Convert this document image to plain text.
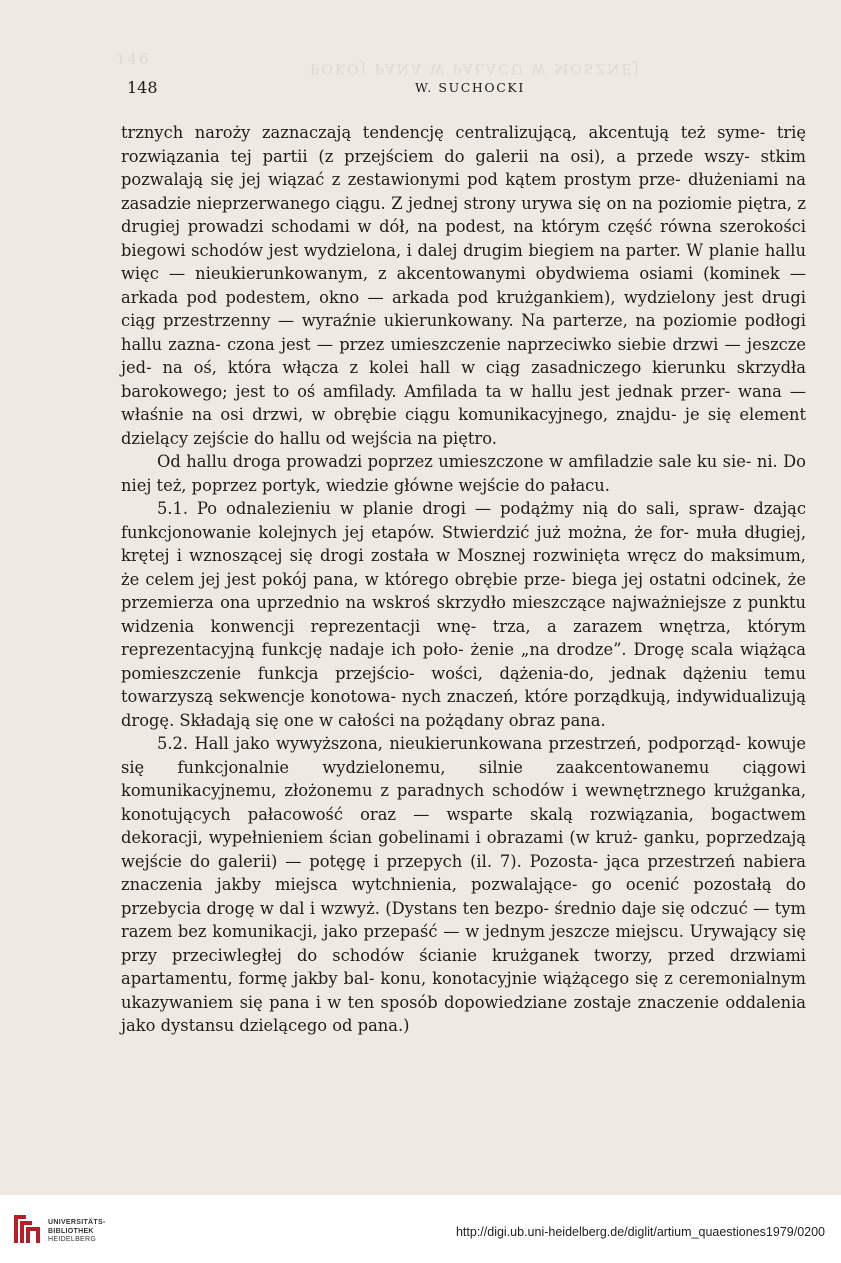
146	POKOJ PANA W PAŁACU W MOSZNEJ
148	W. SUCHOCKI

trznych naroży zaznaczają tendencję centralizującą, akcentują też syme- trię rozwiązania tej partii (z przejściem do galerii na osi), a przede wszy- stkim pozwalają się jej wiązać z zestawionymi pod kątem prostym prze- dłużeniami na zasadzie nieprzerwanego ciągu. Z jednej strony urywa się on na poziomie piętra, z drugiej prowadzi schodami w dół, na podest, na którym część równa szerokości biegowi schodów jest wydzielona, i dalej drugim biegiem na parter. W planie hallu więc — nieukierunkowanym, z akcentowanymi obydwiema osiami (kominek — arkada pod podestem, okno — arkada pod krużgankiem), wydzielony jest drugi ciąg przestrzenny — wyraźnie ukierunkowany. Na parterze, na poziomie podłogi hallu zazna- czona jest — przez umieszczenie naprzeciwko siebie drzwi — jeszcze jed- na oś, która włącza z kolei hall w ciąg zasadniczego kierunku skrzydła barokowego; jest to oś amfilady. Amfilada ta w hallu jest jednak przer- wana — właśnie na osi drzwi, w obrębie ciągu komunikacyjnego, znajdu- je się element dzielący zejście do hallu od wejścia na piętro.

Od hallu droga prowadzi poprzez umieszczone w amfiladzie sale ku sie- ni. Do niej też, poprzez portyk, wiedzie główne wejście do pałacu.

5.1. Po odnalezieniu w planie drogi — podążmy nią do sali, spraw- dzając funkcjonowanie kolejnych jej etapów. Stwierdzić już można, że for- muła długiej, krętej i wznoszącej się drogi została w Mosznej rozwinięta wręcz do maksimum, że celem jej jest pokój pana, w którego obrębie prze- biega jej ostatni odcinek, że przemierza ona uprzednio na wskroś skrzydło mieszczące najważniejsze z punktu widzenia konwencji reprezentacji wnę- trza, a zarazem wnętrza, którym reprezentacyjną funkcję nadaje ich poło- żenie „na drodze”. Drogę scala wiążąca pomieszczenie funkcja przejścio- wości, dążenia-do, jednak dążeniu temu towarzyszą sekwencje konotowa- nych znaczeń, które porządkują, indywidualizują drogę. Składają się one w całości na pożądany obraz pana.

5.2. Hall jako wywyższona, nieukierunkowana przestrzeń, podporząd- kowuje się funkcjonalnie wydzielonemu, silnie zaakcentowanemu ciągowi komunikacyjnemu, złożonemu z paradnych schodów i wewnętrznego krużganka, konotujących pałacowość oraz — wsparte skalą rozwiązania, bogactwem dekoracji, wypełnieniem ścian gobelinami i obrazami (w kruż- ganku, poprzedzają wejście do galerii) — potęgę i przepych (il. 7). Pozosta- jąca przestrzeń nabiera znaczenia jakby miejsca wytchnienia, pozwalające- go ocenić pozostałą do przebycia drogę w dal i wzwyż. (Dystans ten bezpo- średnio daje się odczuć — tym razem bez komunikacji, jako przepaść — w jednym jeszcze miejscu. Urywający się przy przeciwległej do schodów ścianie krużganek tworzy, przed drzwiami apartamentu, formę jakby bal- konu, konotacyjnie wiążącego się z ceremonialnym ukazywaniem się pana i w ten sposób dopowiedziane zostaje znaczenie oddalenia jako dystansu dzielącego od pana.)

UNIVERSITÄTS-
BIBLIOTHEK
HEIDELBERG
http://digi.ub.uni-heidelberg.de/diglit/artium_quaestiones1979/0200
